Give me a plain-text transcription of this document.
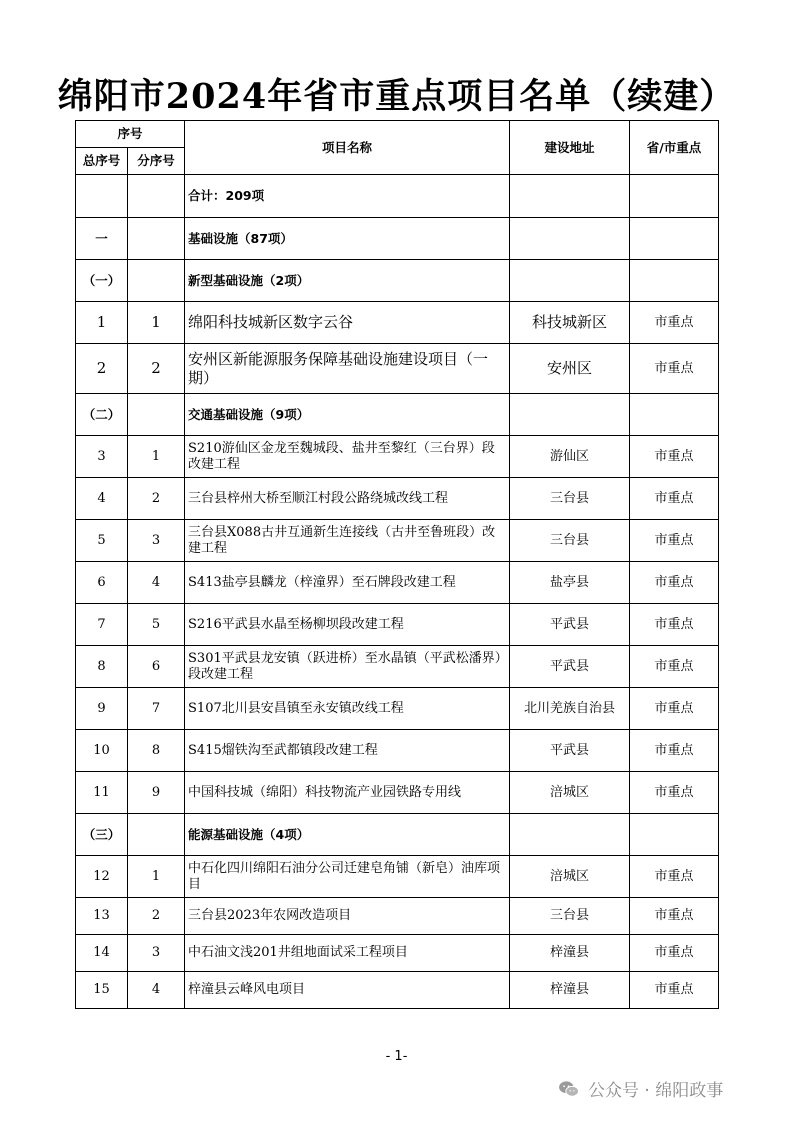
绵阳市2024年省市重点项目名单（续建）
序号		项目名称	建设地址	省/市重点
总序号	分序号			
		合计：209项		
一		基础设施（87项）		
（一）		新型基础设施（2项）		
1	1	绵阳科技城新区数字云谷	科技城新区	市重点
2	2	安州区新能源服务保障基础设施建设项目（一期）	安州区	市重点
（二）		交通基础设施（9项）		
3	1	S210游仙区金龙至魏城段、盐井至黎红（三台界）段改建工程	游仙区	市重点
4	2	三台县梓州大桥至顺江村段公路绕城改线工程	三台县	市重点
5	3	三台县X088古井互通新生连接线（古井至鲁班段）改建工程	三台县	市重点
6	4	S413盐亭县麟龙（梓潼界）至石牌段改建工程	盐亭县	市重点
7	5	S216平武县水晶至杨柳坝段改建工程	平武县	市重点
8	6	S301平武县龙安镇（跃进桥）至水晶镇（平武松潘界）段改建工程	平武县	市重点
9	7	S107北川县安昌镇至永安镇改线工程	北川羌族自治县	市重点
10	8	S415熘铁沟至武都镇段改建工程	平武县	市重点
11	9	中国科技城（绵阳）科技物流产业园铁路专用线	涪城区	市重点
（三）		能源基础设施（4项）		
12	1	中石化四川绵阳石油分公司迁建皂角铺（新皂）油库项目	涪城区	市重点
13	2	三台县2023年农网改造项目	三台县	市重点
14	3	中石油文浅201井组地面试采工程项目	梓潼县	市重点
15	4	梓潼县云峰风电项目	梓潼县	市重点
- 1-
公众号 · 绵阳政事
